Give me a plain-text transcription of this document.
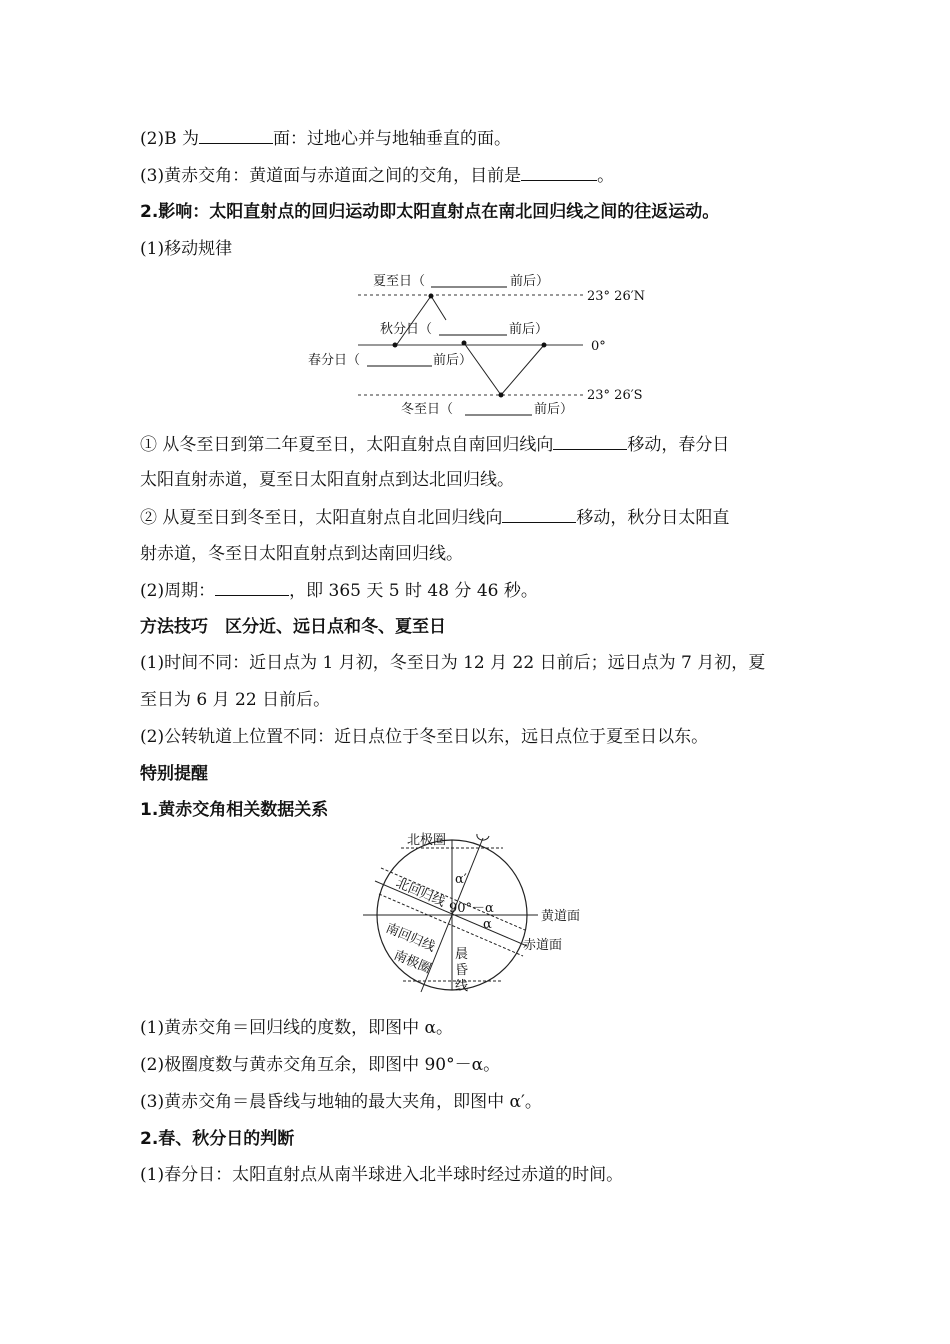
(2)B 为	面：过地心并与地轴垂直的面。
(3)黄赤交角：黄道面与赤道面之间的交角，目前是	。
2.影响：太阳直射点的回归运动即太阳直射点在南北回归线之间的往返运动。
(1)移动规律
夏至日（	前后）
秋分日（	前后）
春分日（	前后）
冬至日（	前后）
23° 26′N
0°
23° 26′S
① 从冬至日到第二年夏至日，太阳直射点自南回归线向	移动，春分日
太阳直射赤道，夏至日太阳直射点到达北回归线。
② 从夏至日到冬至日，太阳直射点自北回归线向	移动，秋分日太阳直
射赤道，冬至日太阳直射点到达南回归线。
(2)周期：	，即 365 天 5 时 48 分 46 秒。
方法技巧　区分近、远日点和冬、夏至日
(1)时间不同：近日点为 1 月初，冬至日为 12 月 22 日前后；远日点为 7 月初，夏
至日为 6 月 22 日前后。
(2)公转轨道上位置不同：近日点位于冬至日以东，远日点位于夏至日以东。
特别提醒
1.黄赤交角相关数据关系
北极圈
北回归线
南回归线
南极圈
黄道面
赤道面
晨
昏
线
α′
90°－α
α
(1)黄赤交角＝回归线的度数，即图中 α。
(2)极圈度数与黄赤交角互余，即图中 90°－α。
(3)黄赤交角＝晨昏线与地轴的最大夹角，即图中 α′。
2.春、秋分日的判断
(1)春分日：太阳直射点从南半球进入北半球时经过赤道的时间。
